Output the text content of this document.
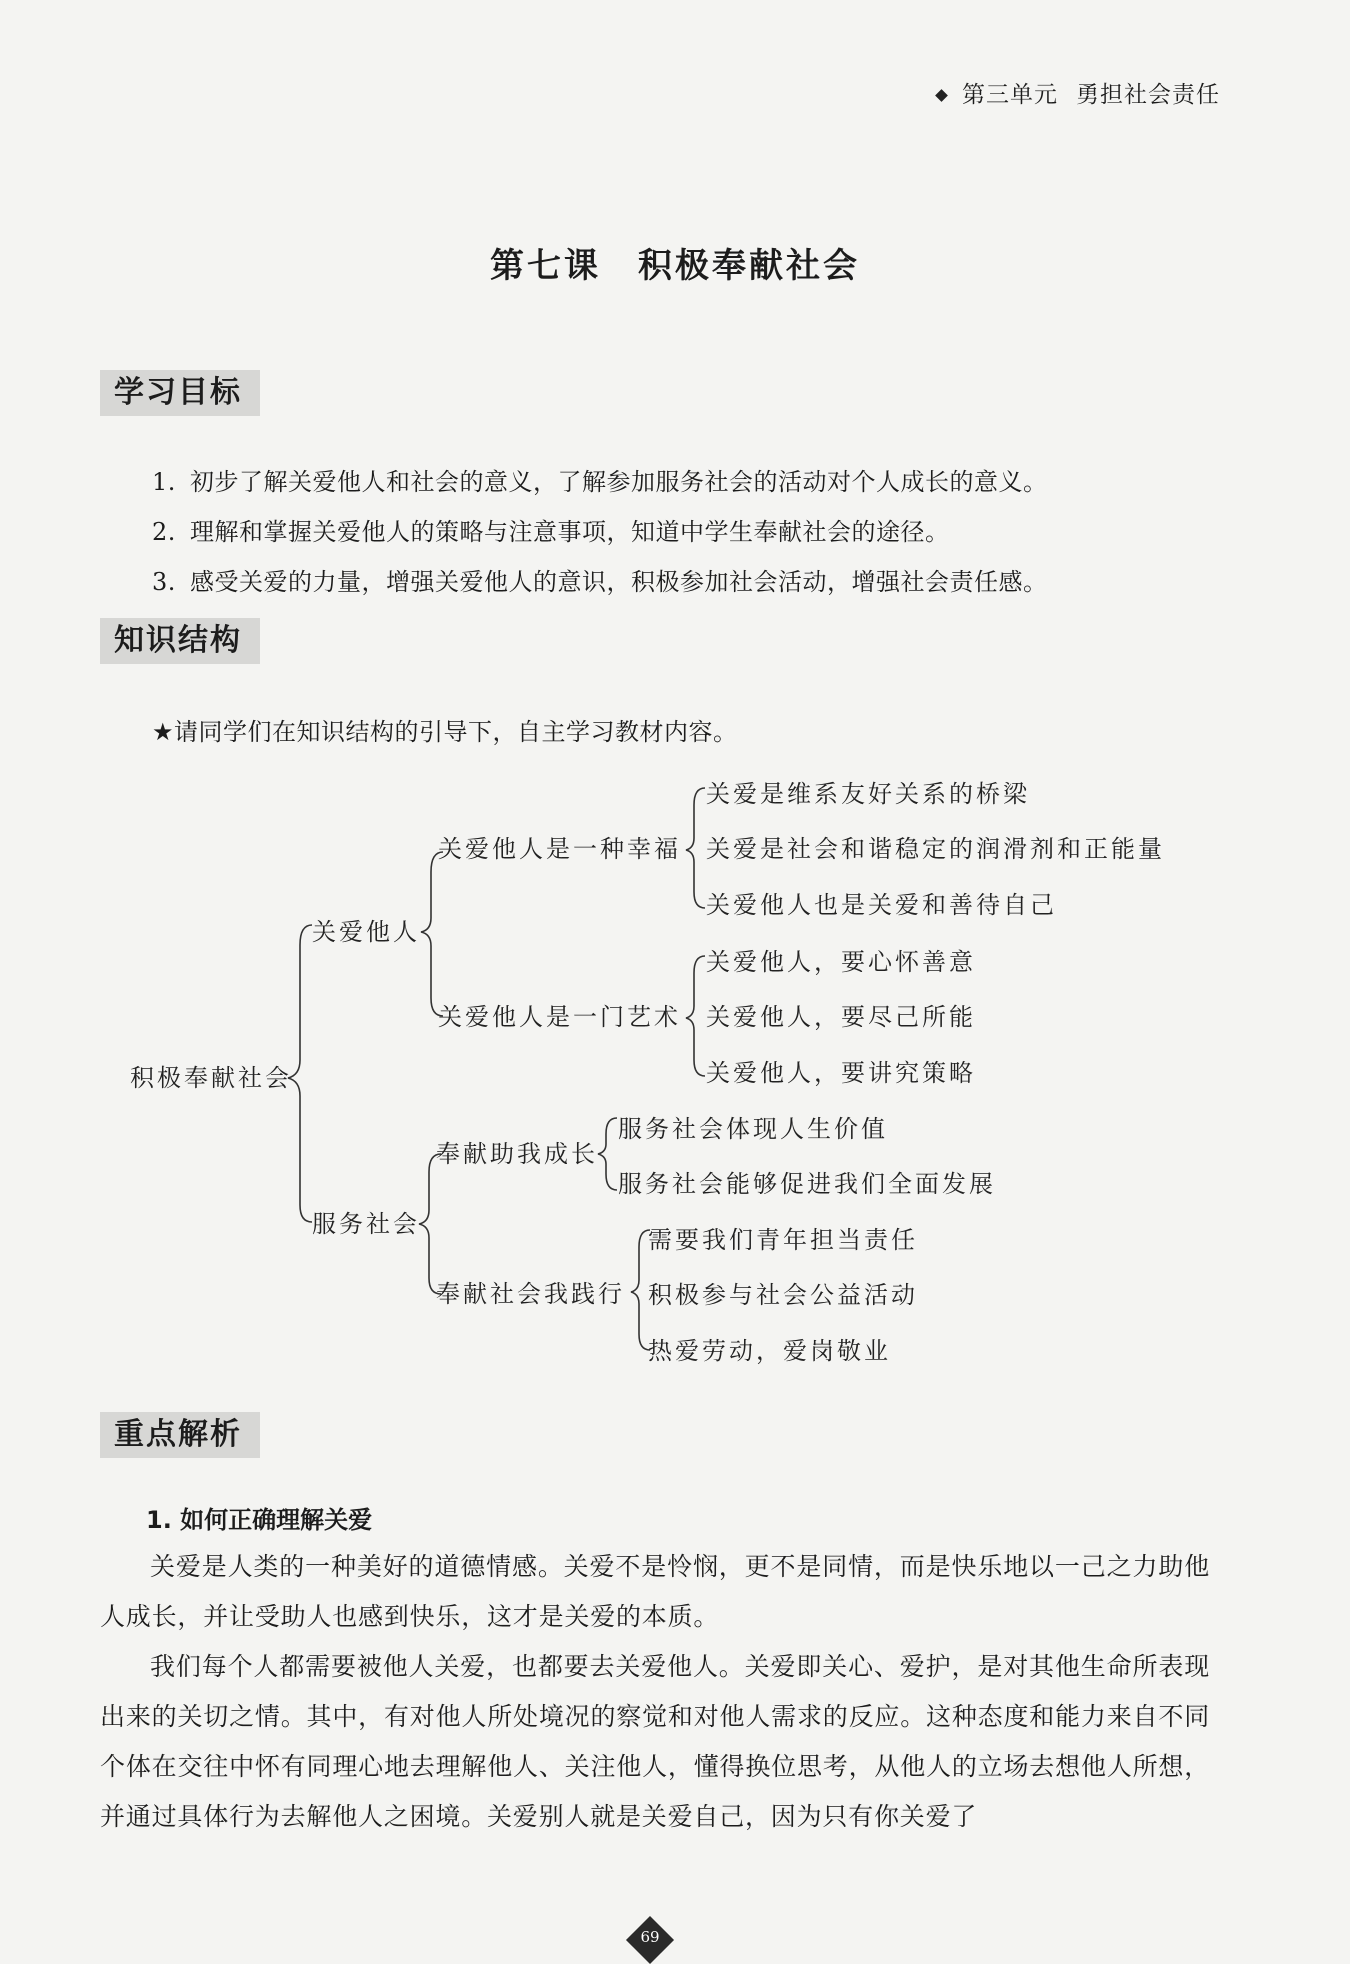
第三单元 勇担社会责任
第七课　积极奉献社会
学习目标
1. 初步了解关爱他人和社会的意义，了解参加服务社会的活动对个人成长的意义。
2. 理解和掌握关爱他人的策略与注意事项，知道中学生奉献社会的途径。
3. 感受关爱的力量，增强关爱他人的意识，积极参加社会活动，增强社会责任感。
知识结构
★请同学们在知识结构的引导下，自主学习教材内容。
积极奉献社会
关爱他人
服务社会
关爱他人是一种幸福
关爱他人是一门艺术
奉献助我成长
奉献社会我践行
关爱是维系友好关系的桥梁
关爱是社会和谐稳定的润滑剂和正能量
关爱他人也是关爱和善待自己
关爱他人，要心怀善意
关爱他人，要尽己所能
关爱他人，要讲究策略
服务社会体现人生价值
服务社会能够促进我们全面发展
需要我们青年担当责任
积极参与社会公益活动
热爱劳动，爱岗敬业
重点解析
1. 如何正确理解关爱
关爱是人类的一种美好的道德情感。关爱不是怜悯，更不是同情，而是快乐地以一己之力助他人成长，并让受助人也感到快乐，这才是关爱的本质。
我们每个人都需要被他人关爱，也都要去关爱他人。关爱即关心、爱护，是对其他生命所表现出来的关切之情。其中，有对他人所处境况的察觉和对他人需求的反应。这种态度和能力来自不同个体在交往中怀有同理心地去理解他人、关注他人，懂得换位思考，从他人的立场去想他人所想，并通过具体行为去解他人之困境。关爱别人就是关爱自己，因为只有你关爱了
69
